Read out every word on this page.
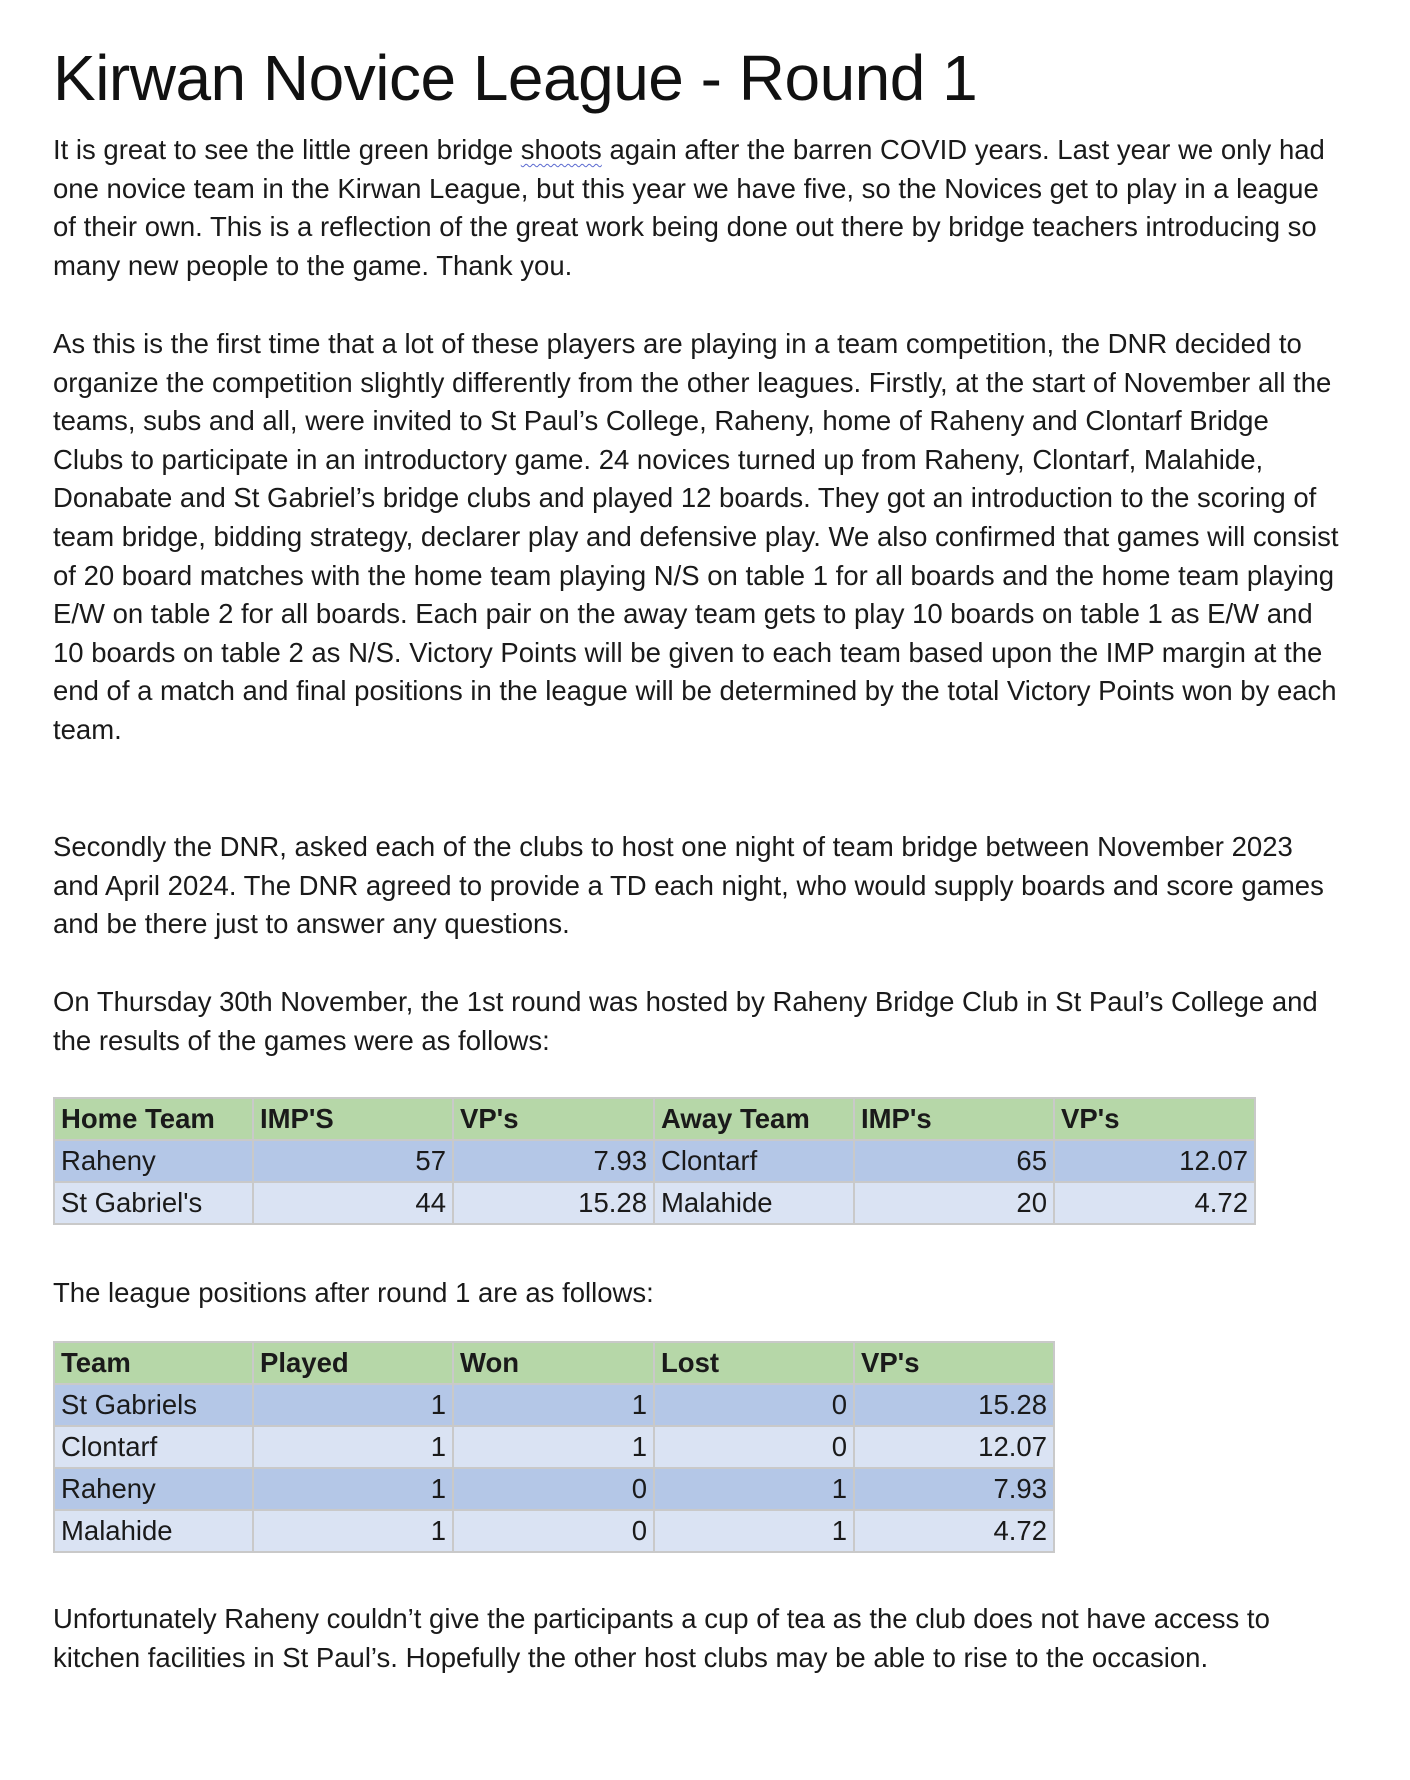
Kirwan Novice League - Round 1

It is great to see the little green bridge shoots again after the barren COVID years. Last year we only had one novice team in the Kirwan League, but this year we have five, so the Novices get to play in a league of their own. This is a reflection of the great work being done out there by bridge teachers introducing so many new people to the game. Thank you.

As this is the first time that a lot of these players are playing in a team competition, the DNR decided to organize the competition slightly differently from the other leagues. Firstly, at the start of November all the teams, subs and all, were invited to St Paul’s College, Raheny, home of Raheny and Clontarf Bridge Clubs to participate in an introductory game. 24 novices turned up from Raheny, Clontarf, Malahide, Donabate and St Gabriel’s bridge clubs and played 12 boards. They got an introduction to the scoring of team bridge, bidding strategy, declarer play and defensive play. We also confirmed that games will consist of 20 board matches with the home team playing N/S on table 1 for all boards and the home team playing E/W on table 2 for all boards. Each pair on the away team gets to play 10 boards on table 1 as E/W and 10 boards on table 2 as N/S. Victory Points will be given to each team based upon the IMP margin at the end of a match and final positions in the league will be determined by the total Victory Points won by each team.

Secondly the DNR, asked each of the clubs to host one night of team bridge between November 2023 and April 2024. The DNR agreed to provide a TD each night, who would supply boards and score games and be there just to answer any questions.

On Thursday 30th November, the 1st round was hosted by Raheny Bridge Club in St Paul’s College and the results of the games were as follows:

Home Team	IMP'S	VP's	Away Team	IMP's	VP's
Raheny	57	7.93	Clontarf	65	12.07
St Gabriel's	44	15.28	Malahide	20	4.72

The league positions after round 1 are as follows:

Team	Played	Won	Lost	VP's
St Gabriels	1	1	0	15.28
Clontarf	1	1	0	12.07
Raheny	1	0	1	7.93
Malahide	1	0	1	4.72

Unfortunately Raheny couldn’t give the participants a cup of tea as the club does not have access to kitchen facilities in St Paul’s. Hopefully the other host clubs may be able to rise to the occasion.
